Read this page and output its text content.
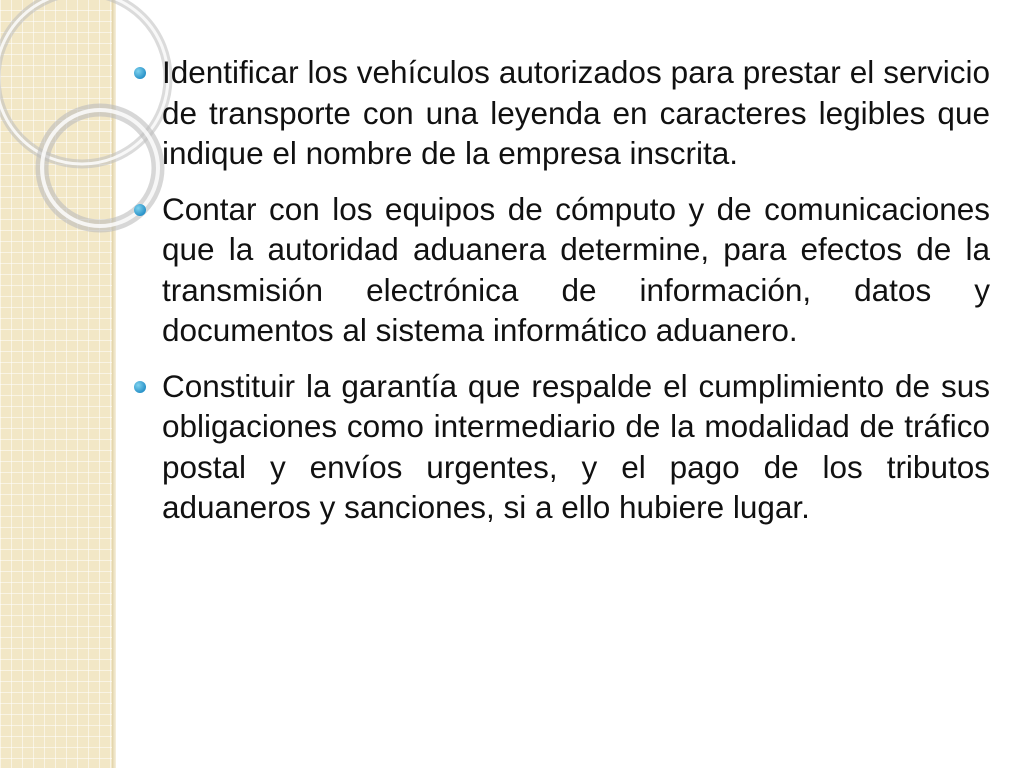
Identificar los vehículos autorizados para prestar el servicio de transporte con una leyenda en caracteres legibles que indique el nombre de la empresa inscrita.
Contar con los equipos de cómputo y de comunicaciones que la autoridad aduanera determine, para efectos de la transmisión electrónica de información, datos y documentos al sistema informático aduanero.
Constituir la garantía que respalde el cumplimiento de sus obligaciones como intermediario de la modalidad de tráfico postal y envíos urgentes, y el pago de los tributos aduaneros y sanciones, si a ello hubiere lugar.
